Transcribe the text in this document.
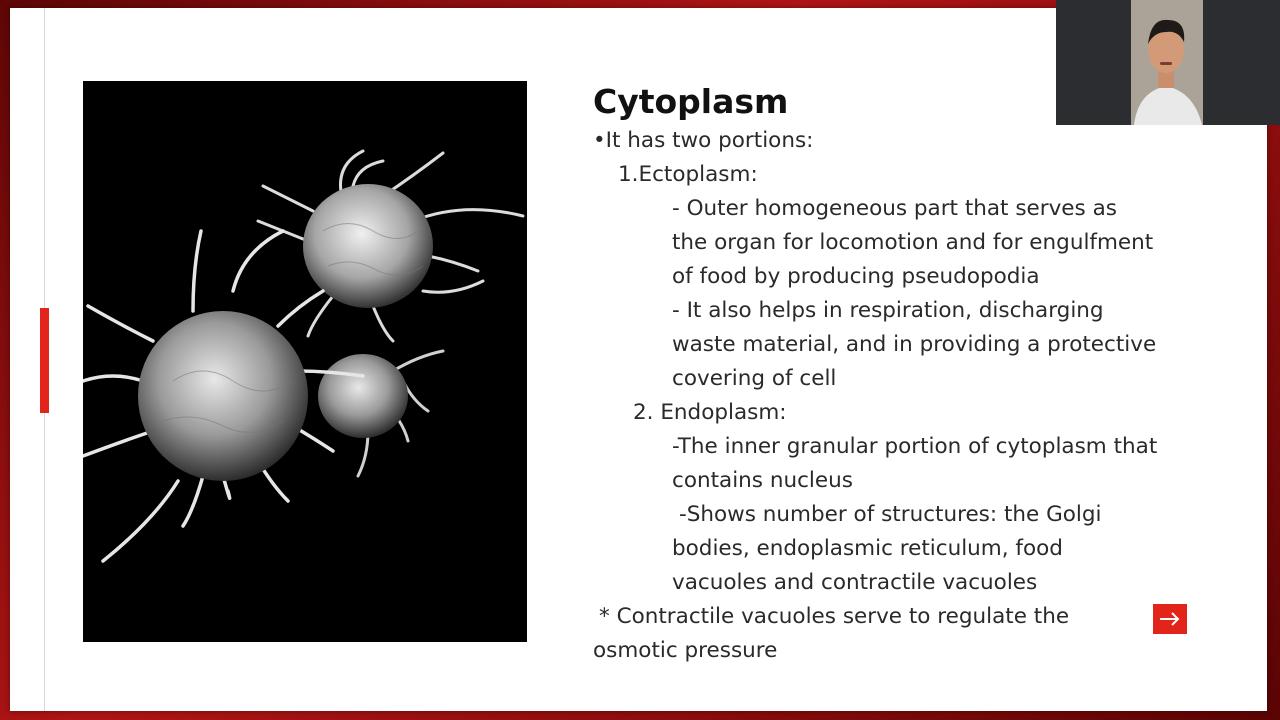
Cytoplasm
•It has two portions:
1.Ectoplasm:
- Outer homogeneous part that serves as
the organ for locomotion and for engulfment
of food by producing pseudopodia
- It also helps in respiration, discharging
waste material, and in providing a protective
covering of cell
2. Endoplasm:
-The inner granular portion of cytoplasm that
contains nucleus
-Shows number of structures: the Golgi
bodies, endoplasmic reticulum, food
vacuoles and contractile vacuoles
* Contractile vacuoles serve to regulate the
osmotic pressure
